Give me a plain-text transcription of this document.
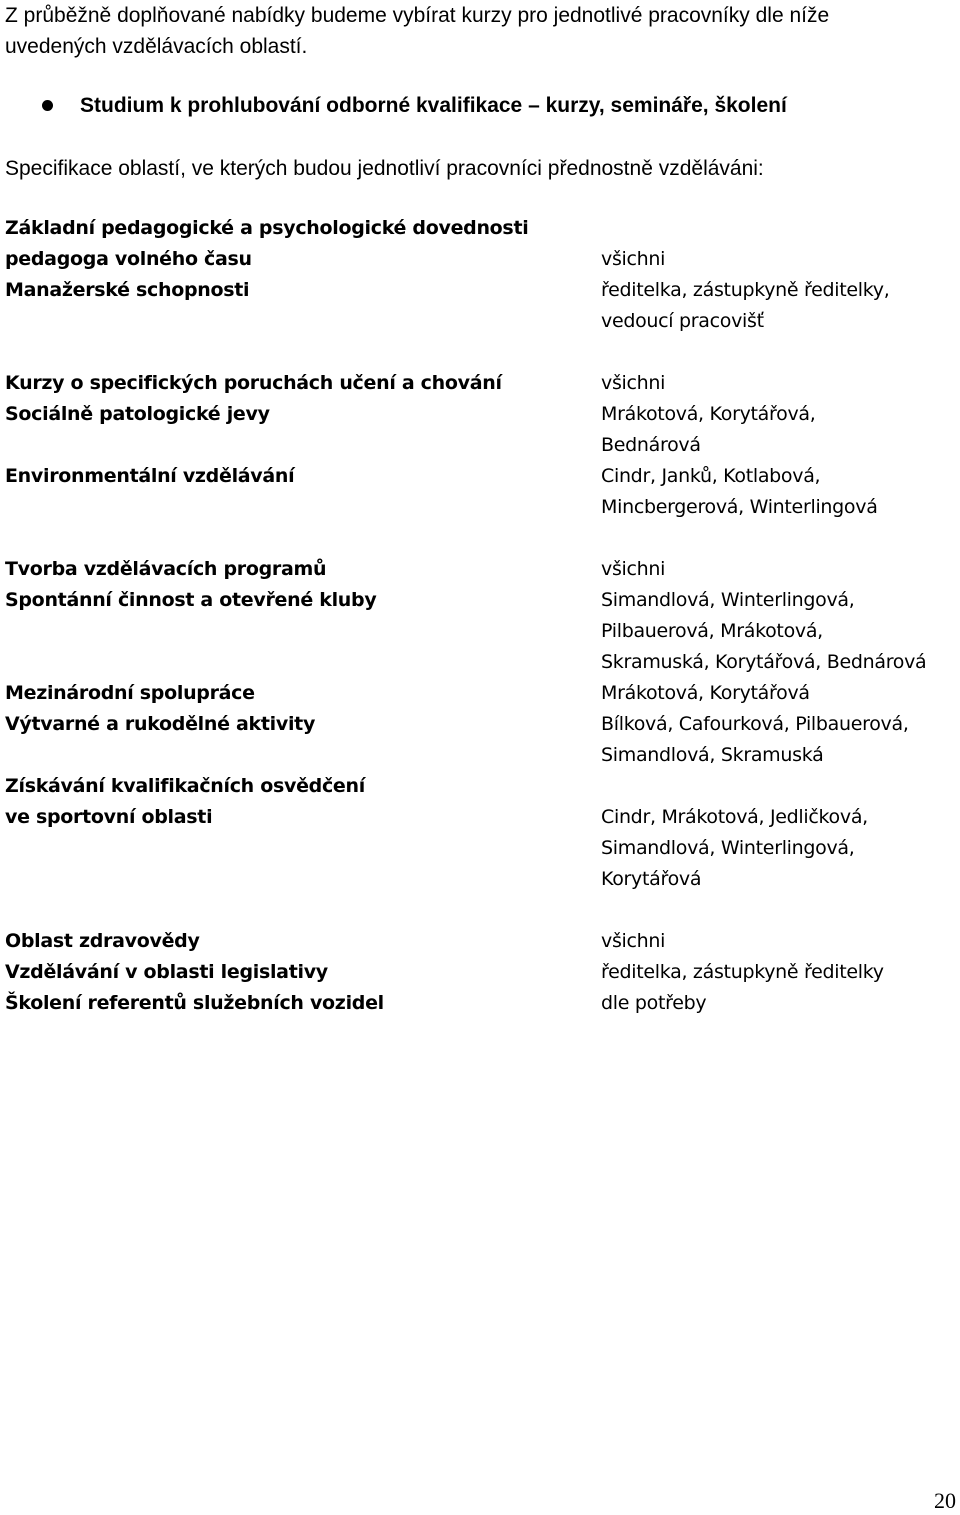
Z průběžně doplňované nabídky budeme vybírat kurzy pro jednotlivé pracovníky dle níže
uvedených vzdělávacích oblastí.

Studium k prohlubování odborné kvalifikace – kurzy, semináře, školení
Specifikace oblastí, ve kterých budou jednotliví pracovníci přednostně vzděláváni:
Základní pedagogické a psychologické dovednosti
pedagoga volného času
Manažerské schopnosti
Kurzy o specifických poruchách učení a chování
Sociálně patologické jevy
Environmentální vzdělávání
Tvorba vzdělávacích programů
Spontánní činnost a otevřené kluby
Mezinárodní spolupráce
Výtvarné a rukodělné aktivity
Získávání kvalifikačních osvědčení
ve sportovní oblasti
Oblast zdravovědy
Vzdělávání v oblasti legislativy
Školení referentů služebních vozidel
všichni
ředitelka, zástupkyně ředitelky,
vedoucí pracovišť
všichni
Mrákotová, Korytářová,
Bednárová
Cindr, Janků, Kotlabová,
Mincbergerová, Winterlingová
všichni
Simandlová, Winterlingová,
Pilbauerová, Mrákotová,
Skramuská, Korytářová, Bednárová
Mrákotová, Korytářová
Bílková, Cafourková, Pilbauerová,
Simandlová, Skramuská
Cindr, Mrákotová, Jedličková,
Simandlová, Winterlingová,
Korytářová
všichni
ředitelka, zástupkyně ředitelky
dle potřeby
20
